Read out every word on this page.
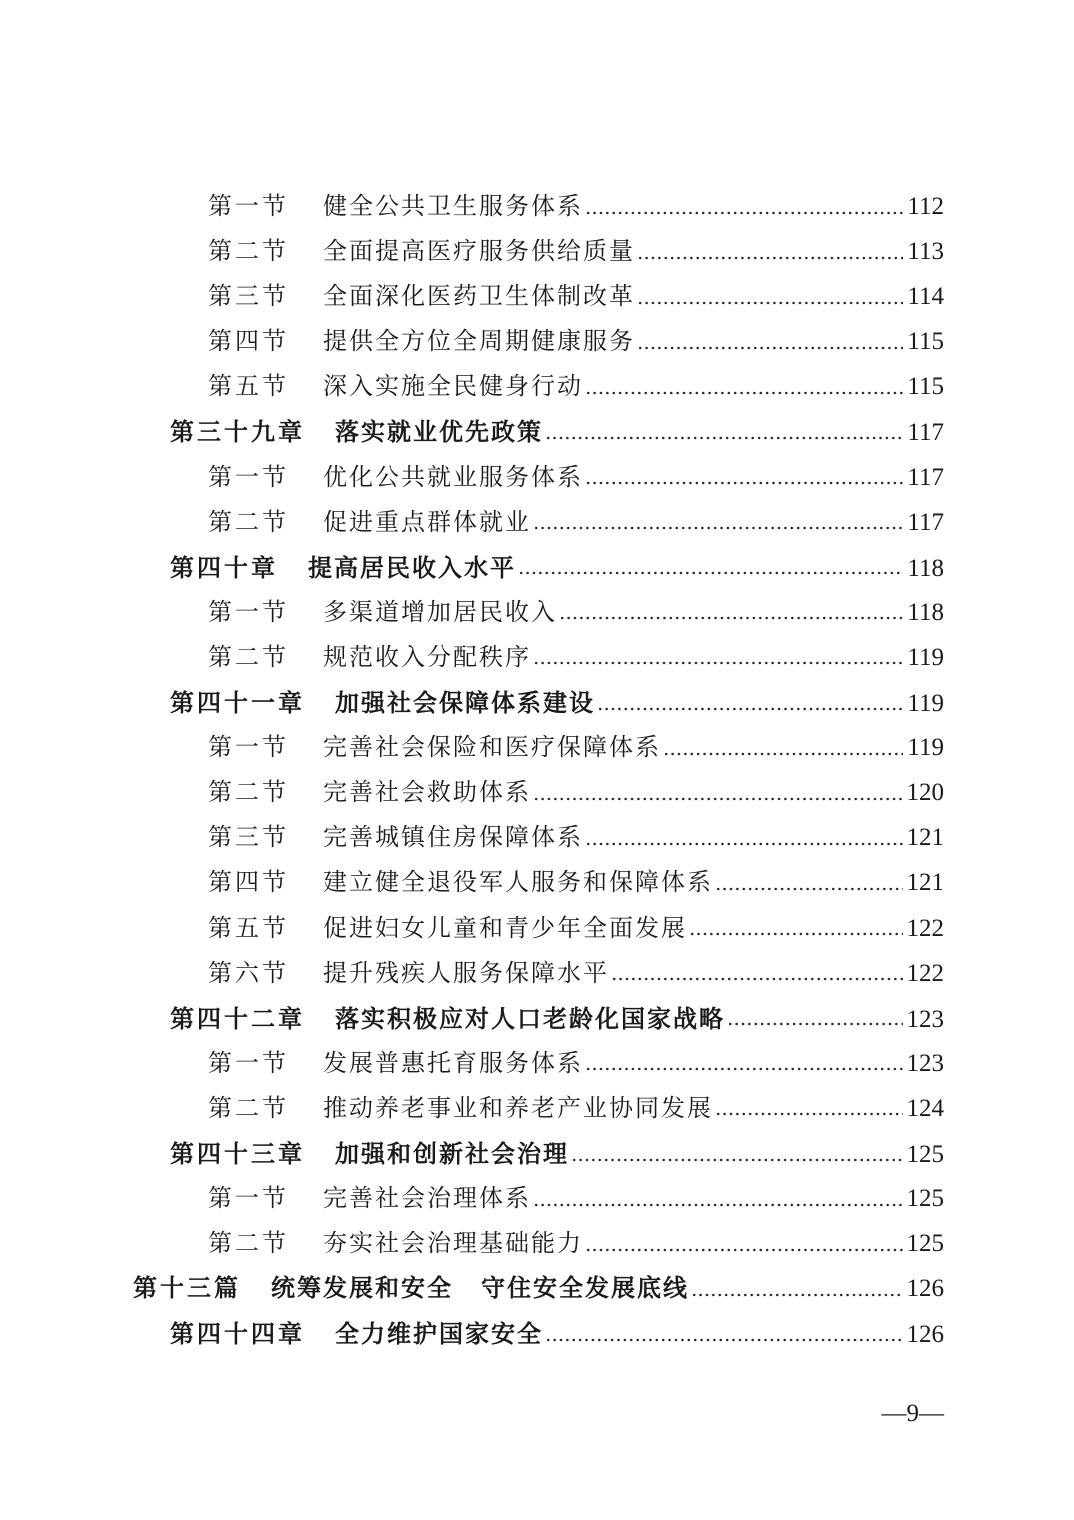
第一节 健全公共卫生服务体系	112
第二节 全面提高医疗服务供给质量	113
第三节 全面深化医药卫生体制改革	114
第四节 提供全方位全周期健康服务	115
第五节 深入实施全民健身行动	115
第三十九章 落实就业优先政策	117
第一节 优化公共就业服务体系	117
第二节 促进重点群体就业	117
第四十章 提高居民收入水平	118
第一节 多渠道增加居民收入	118
第二节 规范收入分配秩序	119
第四十一章 加强社会保障体系建设	119
第一节 完善社会保险和医疗保障体系	119
第二节 完善社会救助体系	120
第三节 完善城镇住房保障体系	121
第四节 建立健全退役军人服务和保障体系	121
第五节 促进妇女儿童和青少年全面发展	122
第六节 提升残疾人服务保障水平	122
第四十二章 落实积极应对人口老龄化国家战略	123
第一节 发展普惠托育服务体系	123
第二节 推动养老事业和养老产业协同发展	124
第四十三章 加强和创新社会治理	125
第一节 完善社会治理体系	125
第二节 夯实社会治理基础能力	125
第十三篇 统筹发展和安全 守住安全发展底线	126
第四十四章 全力维护国家安全	126
—9—
